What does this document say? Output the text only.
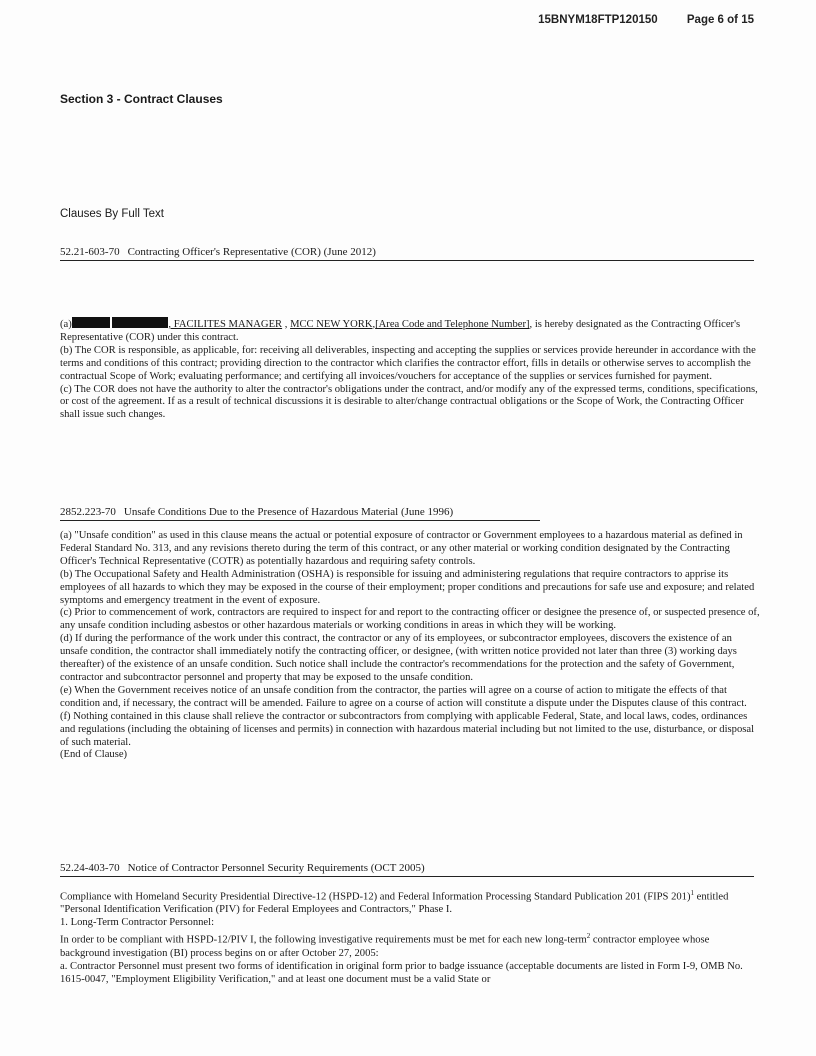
15BNYM18FTP120150	Page 6 of 15
Section 3 - Contract Clauses
Clauses By Full Text
52.21-603-70 Contracting Officer's Representative (COR) (June 2012)

(a)	, FACILITES MANAGER , MCC NEW YORK,[Area Code and Telephone Number], is hereby designated as the Contracting Officer's Representative (COR) under this contract.

(b) The COR is responsible, as applicable, for: receiving all deliverables, inspecting and accepting the supplies or services provide hereunder in accordance with the terms and conditions of this contract; providing direction to the contractor which clarifies the contractor effort, fills in details or otherwise serves to accomplish the contractual Scope of Work; evaluating performance; and certifying all invoices/vouchers for acceptance of the supplies or services furnished for payment.

(c) The COR does not have the authority to alter the contractor's obligations under the contract, and/or modify any of the expressed terms, conditions, specifications, or cost of the agreement. If as a result of technical discussions it is desirable to alter/change contractual obligations or the Scope of Work, the Contracting Officer shall issue such changes.

2852.223-70 Unsafe Conditions Due to the Presence of Hazardous Material (June 1996)

(a) "Unsafe condition" as used in this clause means the actual or potential exposure of contractor or Government employees to a hazardous material as defined in Federal Standard No. 313, and any revisions thereto during the term of this contract, or any other material or working condition designated by the Contracting Officer's Technical Representative (COTR) as potentially hazardous and requiring safety controls.

(b) The Occupational Safety and Health Administration (OSHA) is responsible for issuing and administering regulations that require contractors to apprise its employees of all hazards to which they may be exposed in the course of their employment; proper conditions and precautions for safe use and exposure; and related symptoms and emergency treatment in the event of exposure.

(c) Prior to commencement of work, contractors are required to inspect for and report to the contracting officer or designee the presence of, or suspected presence of, any unsafe condition including asbestos or other hazardous materials or working conditions in areas in which they will be working.

(d) If during the performance of the work under this contract, the contractor or any of its employees, or subcontractor employees, discovers the existence of an unsafe condition, the contractor shall immediately notify the contracting officer, or designee, (with written notice provided not later than three (3) working days thereafter) of the existence of an unsafe condition. Such notice shall include the contractor's recommendations for the protection and the safety of Government, contractor and subcontractor personnel and property that may be exposed to the unsafe condition.

(e) When the Government receives notice of an unsafe condition from the contractor, the parties will agree on a course of action to mitigate the effects of that condition and, if necessary, the contract will be amended. Failure to agree on a course of action will constitute a dispute under the Disputes clause of this contract.

(f) Nothing contained in this clause shall relieve the contractor or subcontractors from complying with applicable Federal, State, and local laws, codes, ordinances and regulations (including the obtaining of licenses and permits) in connection with hazardous material including but not limited to the use, disturbance, or disposal of such material.

(End of Clause)

52.24-403-70 Notice of Contractor Personnel Security Requirements (OCT 2005)

Compliance with Homeland Security Presidential Directive-12 (HSPD-12) and Federal Information Processing Standard Publication 201 (FIPS 201)$^1$ entitled "Personal Identification Verification (PIV) for Federal Employees and Contractors," Phase I.

1. Long-Term Contractor Personnel:

In order to be compliant with HSPD-12/PIV I, the following investigative requirements must be met for each new long-term$^2$ contractor employee whose background investigation (BI) process begins on or after October 27, 2005:

a. Contractor Personnel must present two forms of identification in original form prior to badge issuance (acceptable documents are listed in Form I-9, OMB No. 1615-0047, "Employment Eligibility Verification," and at least one document must be a valid State or
